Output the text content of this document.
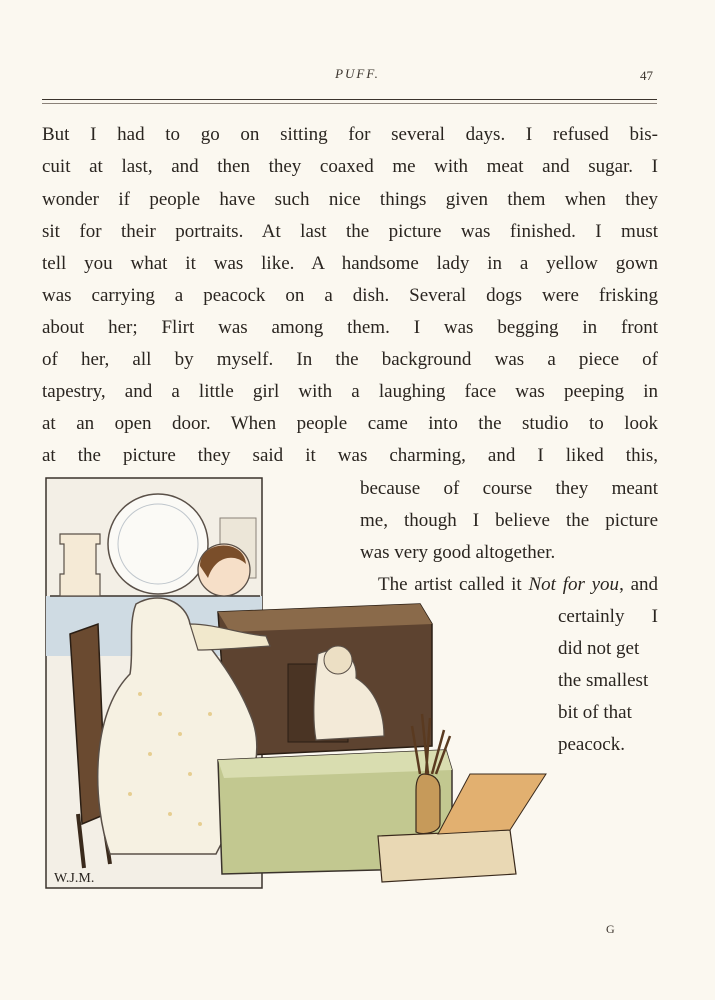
PUFF.	47
But I had to go on sitting for several days. I refused bis-
cuit at last, and then they coaxed me with meat and sugar. I
wonder if people have such nice things given them when they
sit for their portraits. At last the picture was finished. I must
tell you what it was like. A handsome lady in a yellow gown
was carrying a peacock on a dish. Several dogs were frisking
about her; Flirt was among them. I was begging in front
of her, all by myself. In the background was a piece of
tapestry, and a little girl with a laughing face was peeping in
at an open door. When people came into the studio to look
at the picture they said it was charming, and I liked this,
because of course they meant
me, though I believe the picture
was very good altogether.
The artist called it Not for you, and
certainly I
did not get
the smallest
bit of that
peacock.
W.J.M.
G
